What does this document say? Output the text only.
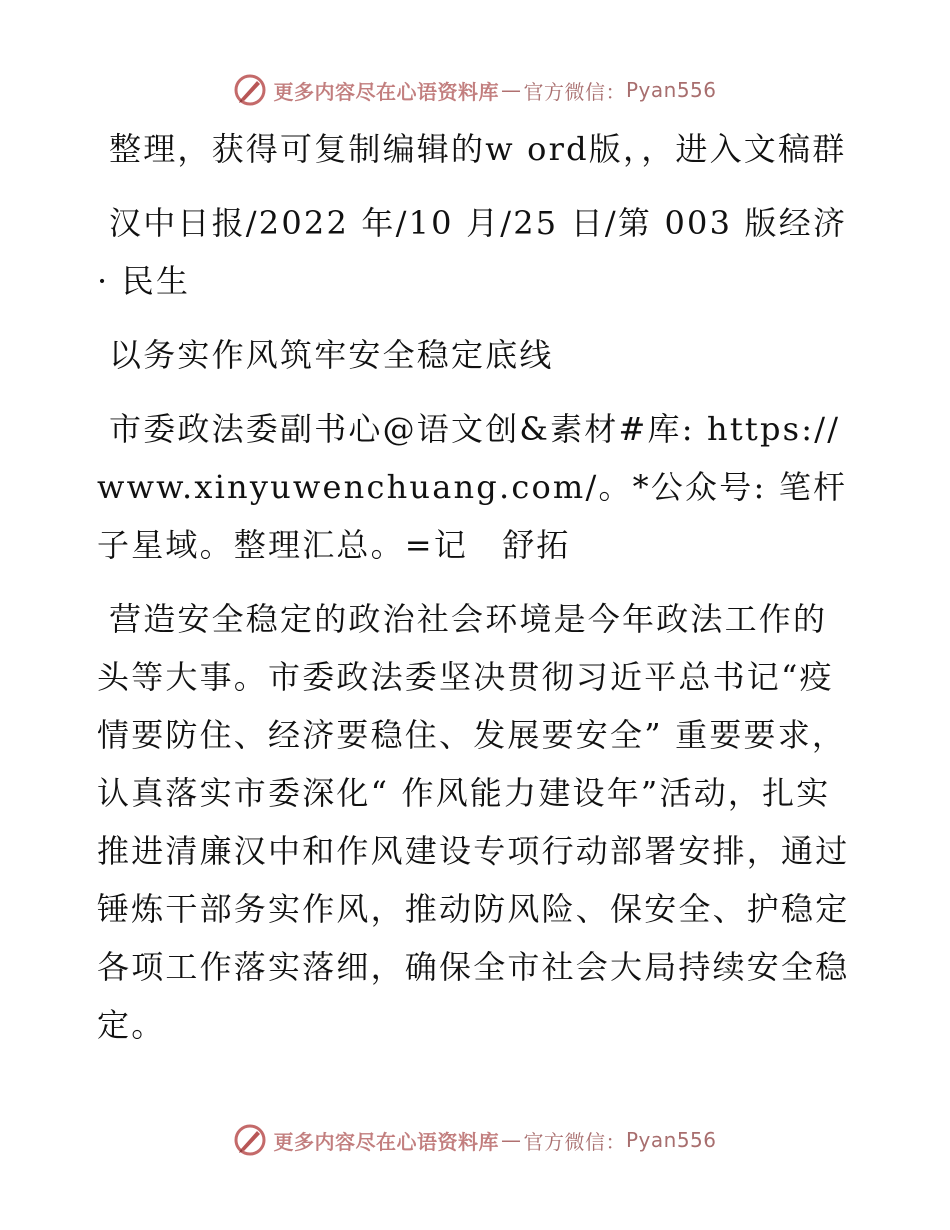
更多内容尽在心语资料库 — 官方微信： Pyan556

整理，获得可复制编辑的w ord版，，进入文稿群

汉中日报/2022 年/10 月/25 日/第 003 版经济 · 民生

以务实作风筑牢安全稳定底线

市委政法委副书心@语文创&素材#库: https:// www.xinyuwenchuang.com/。*公众号: 笔杆子星域。整理汇总。=记　舒拓

营造安全稳定的政治社会环境是今年政法工作的头等大事。市委政法委坚决贯彻习近平总书记“疫情要防住、经济要稳住、发展要安全” 重要要求，认真落实市委深化“ 作风能力建设年”活动，扎实推进清廉汉中和作风建设专项行动部署安排，通过锤炼干部务实作风，推动防风险、保安全、护稳定各项工作落实落细，确保全市社会大局持续安全稳定。

更多内容尽在心语资料库 — 官方微信： Pyan556
